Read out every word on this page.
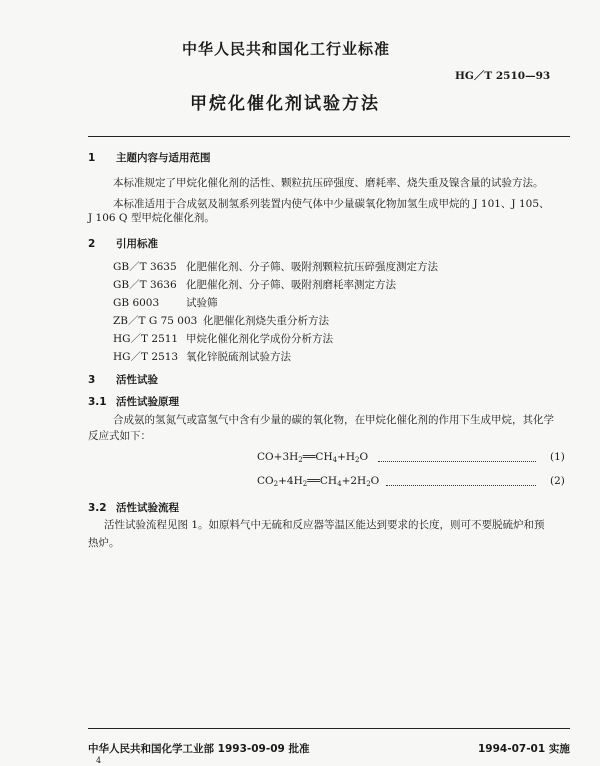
中华人民共和国化工行业标准
HG／T 2510—93
甲烷化催化剂试验方法
1 主题内容与适用范围
本标准规定了甲烷化催化剂的活性、颗粒抗压碎强度、磨耗率、烧失重及镍含量的试验方法。
本标准适用于合成氨及制氢系列装置内使气体中少量碳氧化物加氢生成甲烷的 J 101、J 105、
J 106 Q 型甲烷化催化剂。
2 引用标准
GB／T 3635 化肥催化剂、分子筛、吸附剂颗粒抗压碎强度测定方法
GB／T 3636 化肥催化剂、分子筛、吸附剂磨耗率测定方法
GB 6003	试验筛
ZB／T G 75 003 化肥催化剂烧失重分析方法
HG／T 2511 甲烷化催化剂化学成份分析方法
HG／T 2513 氧化锌脱硫剂试验方法
3 活性试验
3.1 活性试验原理
合成氨的氢氮气或富氢气中含有少量的碳的氧化物，在甲烷化催化剂的作用下生成甲烷，其化学
反应式如下：
$CO+3H_2══CH_4+H_2O$	(1)
$CO_2+4H_2══CH_4+2H_2O$	(2)
3.2 活性试验流程
活性试验流程见图 1。如原料气中无硫和反应器等温区能达到要求的长度，则可不要脱硫炉和预
热炉。
中华人民共和国化学工业部 1993-09-09 批准	1994-07-01 实施
4
